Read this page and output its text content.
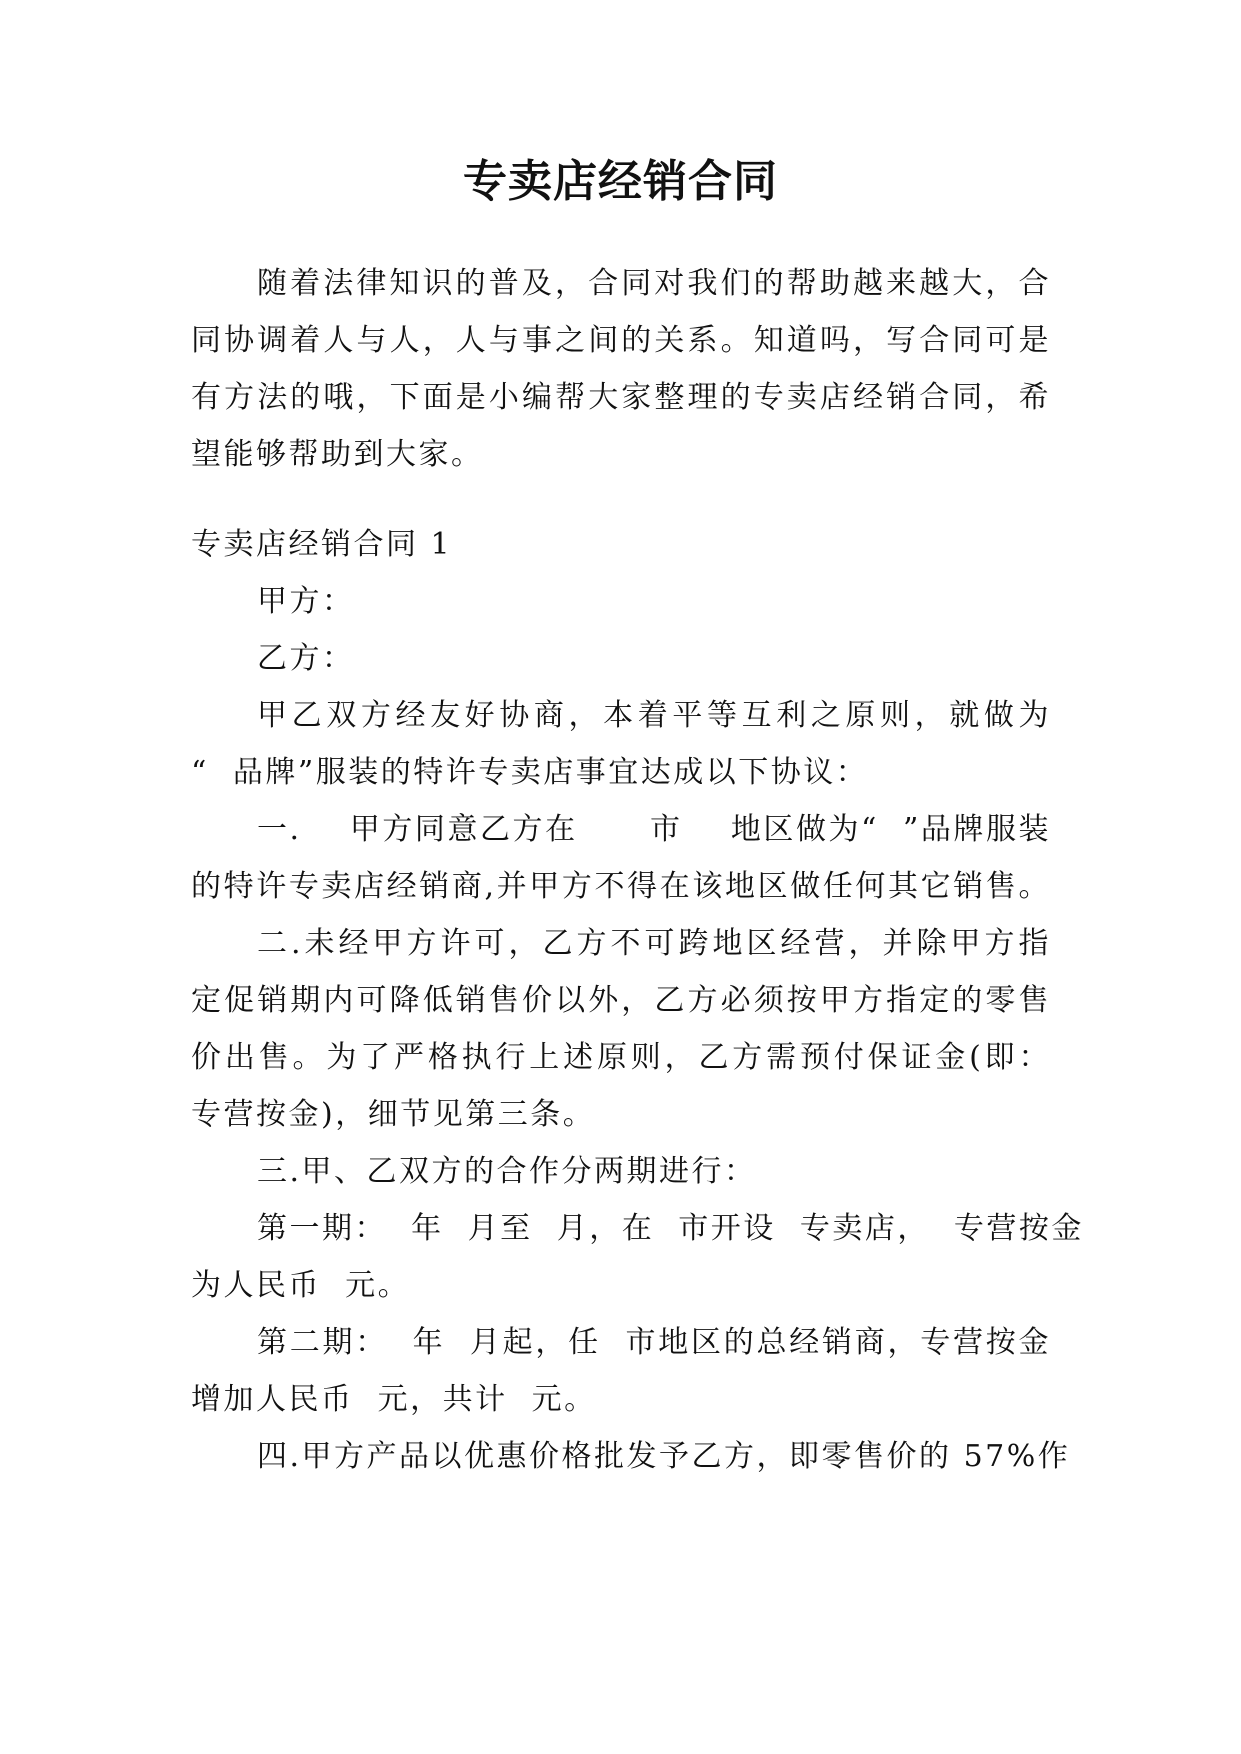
专卖店经销合同
随着法律知识的普及，合同对我们的帮助越来越大，合
同协调着人与人，人与事之间的关系。知道吗，写合同可是
有方法的哦，下面是小编帮大家整理的专卖店经销合同，希
望能够帮助到大家。
专卖店经销合同 1
甲方：
乙方：
甲乙双方经友好协商，本着平等互利之原则，就做为
“  品牌”服装的特许专卖店事宜达成以下协议：
一.    甲方同意乙方在      市    地区做为“  ”品牌服装
的特许专卖店经销商,并甲方不得在该地区做任何其它销售。
二.未经甲方许可，乙方不可跨地区经营，并除甲方指
定促销期内可降低销售价以外，乙方必须按甲方指定的零售
价出售。为了严格执行上述原则，乙方需预付保证金(即：
专营按金)，细节见第三条。
三.甲、乙双方的合作分两期进行：
第一期：  年  月至  月，在  市开设  专卖店，  专营按金
为人民币  元。
第二期：  年  月起，任  市地区的总经销商，专营按金
增加人民币  元，共计  元。
四.甲方产品以优惠价格批发予乙方，即零售价的 57%作
